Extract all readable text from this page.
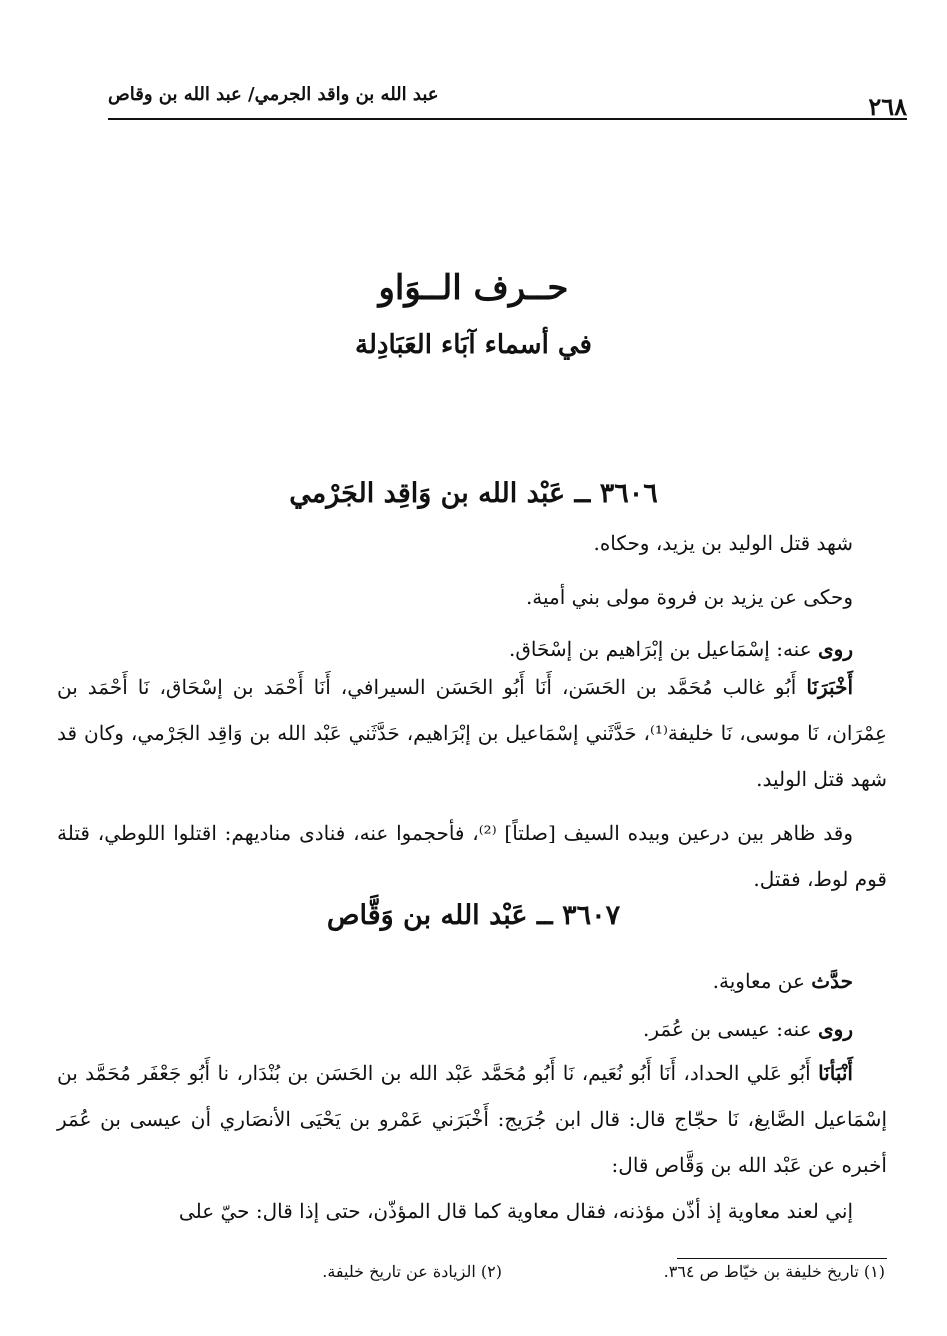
٢٦٨
عبد الله بن واقد الجرمي/ عبد الله بن وقاص
حــرف الــوَاو
في أسماء آبَاء العَبَادِلة
٣٦٠٦ ــ عَبْد الله بن وَاقِد الجَرْمي

شهد قتل الوليد بن يزيد، وحكاه.

وحكى عن يزيد بن فروة مولى بني أمية.

روى عنه: إسْمَاعيل بن إبْرَاهيم بن إسْحَاق.

أَخْبَرَنَا أَبُو غالب مُحَمَّد بن الحَسَن، أَنَا أَبُو الحَسَن السيرافي، أَنَا أَحْمَد بن إسْحَاق، نَا أَحْمَد بن عِمْرَان، نَا موسى، نَا خليفة⁽¹⁾، حَدَّثَني إسْمَاعيل بن إبْرَاهيم، حَدَّثَني عَبْد الله بن وَاقِد الجَرْمي، وكان قد شهد قتل الوليد.

وقد ظاهر بين درعين وبيده السيف [صلتاً] ⁽²⁾، فأحجموا عنه، فنادى مناديهم: اقتلوا اللوطي، قتلة قوم لوط، فقتل.

٣٦٠٧ ــ عَبْد الله بن وَقَّاص

حدَّث عن معاوية.

روى عنه: عيسى بن عُمَر.

أَنْبَأنَا أَبُو عَلي الحداد، أَنَا أَبُو نُعَيم، نَا أَبُو مُحَمَّد عَبْد الله بن الحَسَن بن بُنْدَار، نا أَبُو جَعْفَر مُحَمَّد بن إسْمَاعيل الصَّايغ، نَا حجّاج قال: قال ابن جُرَيج: أَخْبَرَني عَمْرو بن يَحْيَى الأنصَاري أن عيسى بن عُمَر أخبره عن عَبْد الله بن وَقَّاص قال:

إني لعند معاوية إذ أذّن مؤذنه، فقال معاوية كما قال المؤذّن، حتى إذا قال: حيّ على

(١) تاريخ خليفة بن خيّاط ص ٣٦٤.
(٢) الزيادة عن تاريخ خليفة.
